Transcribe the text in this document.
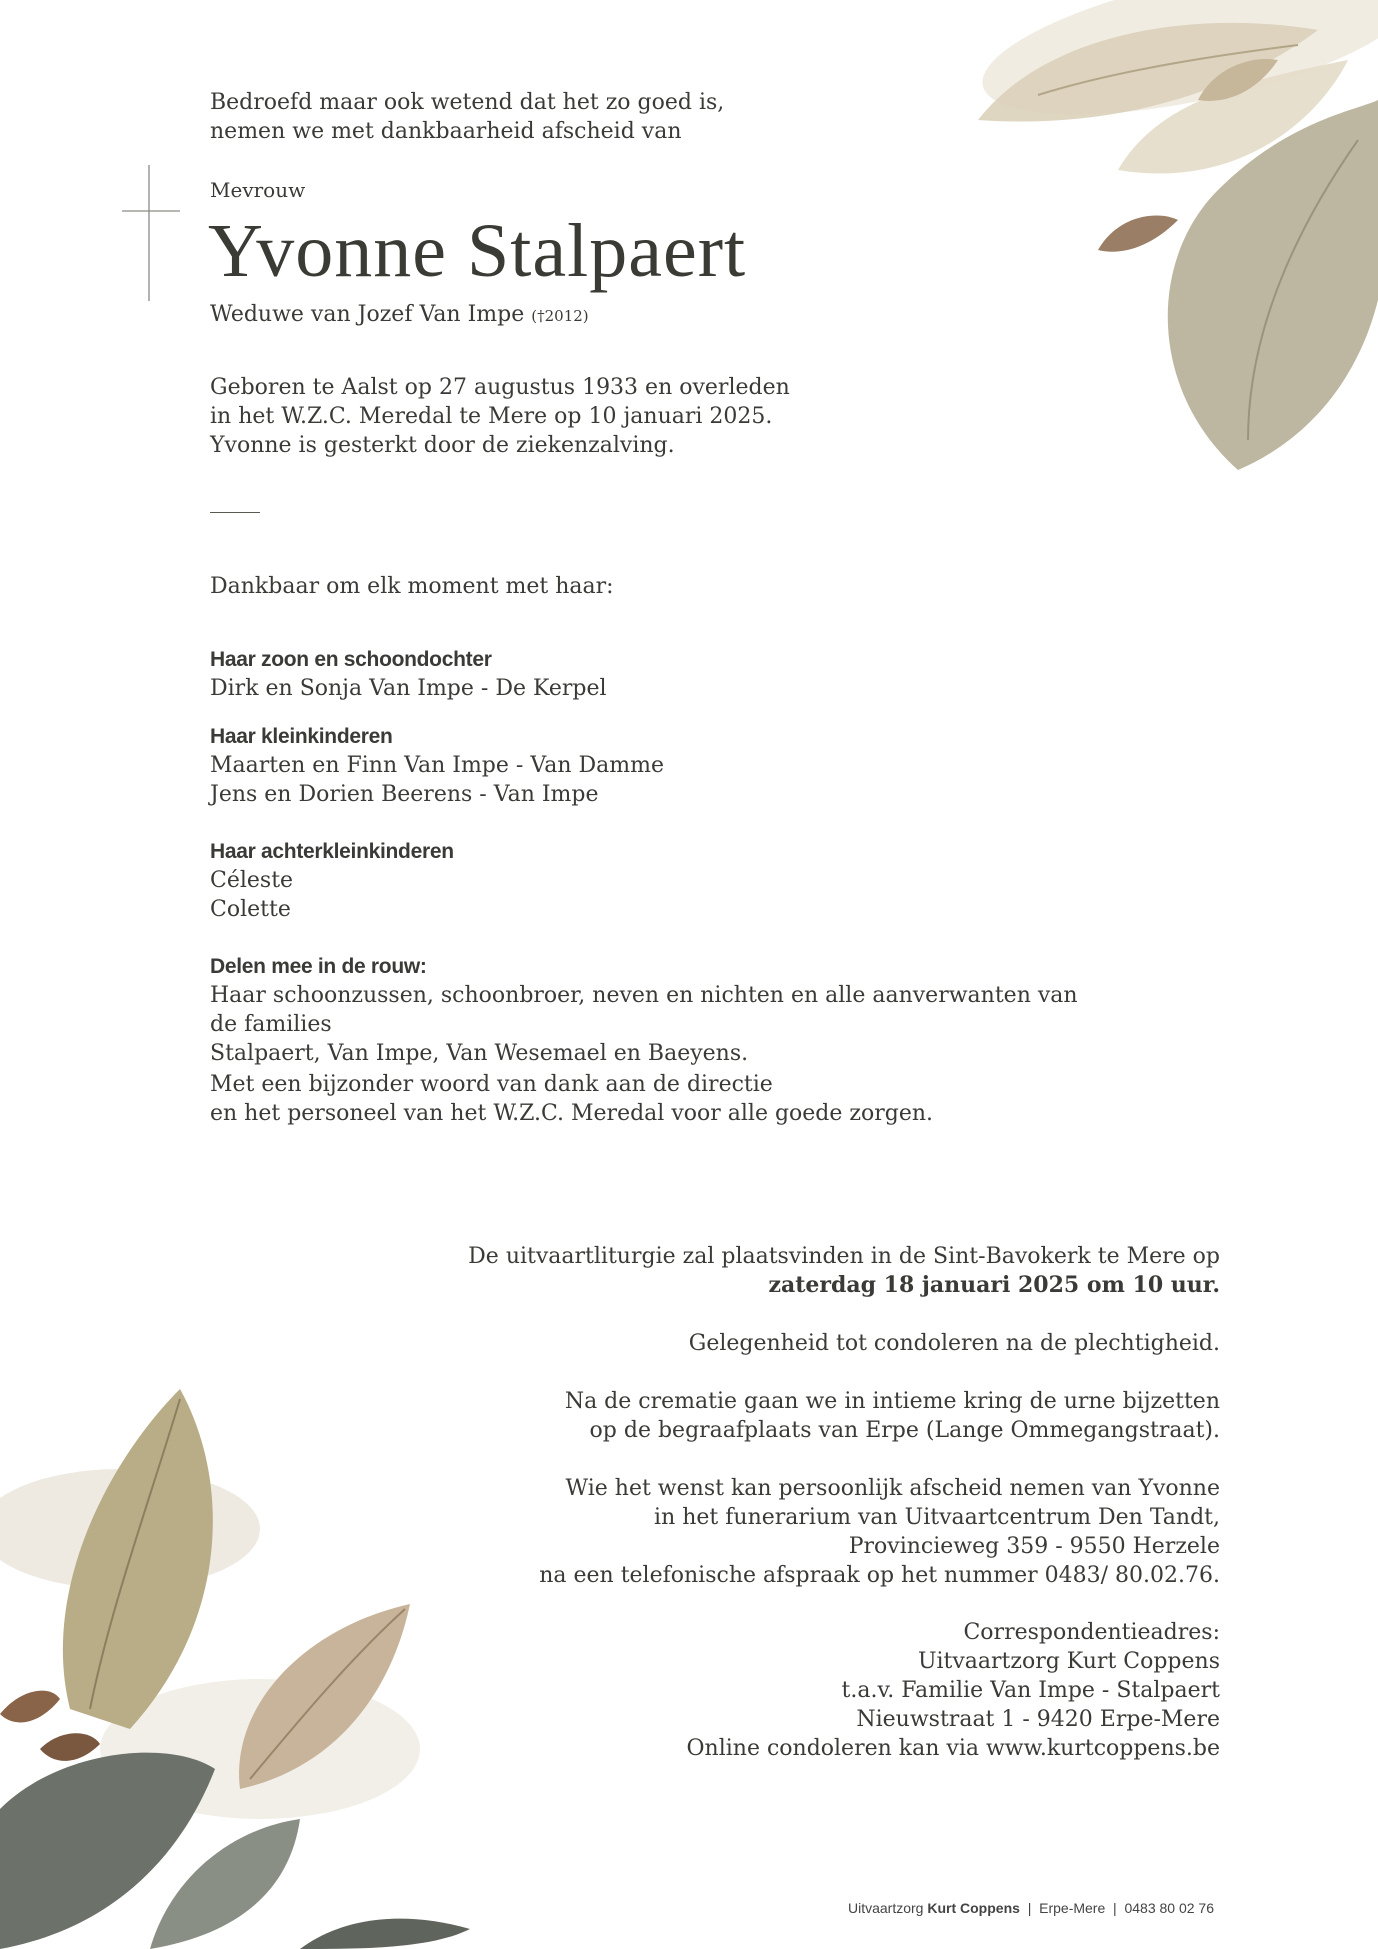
Bedroefd maar ook wetend dat het zo goed is,
nemen we met dankbaarheid afscheid van
Mevrouw
Yvonne Stalpaert
Weduwe van Jozef Van Impe (†2012)
Geboren te Aalst op 27 augustus 1933 en overleden
in het W.Z.C. Meredal te Mere op 10 januari 2025.
Yvonne is gesterkt door de ziekenzalving.
Dankbaar om elk moment met haar:
Haar zoon en schoondochter
Dirk en Sonja Van Impe - De Kerpel
Haar kleinkinderen
Maarten en Finn Van Impe - Van Damme
Jens en Dorien Beerens - Van Impe
Haar achterkleinkinderen
Céleste
Colette
Delen mee in de rouw:
Haar schoonzussen, schoonbroer, neven en nichten en alle aanverwanten van de families
Stalpaert, Van Impe, Van Wesemael en Baeyens.
Met een bijzonder woord van dank aan de directie
en het personeel van het W.Z.C. Meredal voor alle goede zorgen.
De uitvaartliturgie zal plaatsvinden in de Sint-Bavokerk te Mere op
zaterdag 18 januari 2025 om 10 uur.
Gelegenheid tot condoleren na de plechtigheid.
Na de crematie gaan we in intieme kring de urne bijzetten
op de begraafplaats van Erpe (Lange Ommegangstraat).
Wie het wenst kan persoonlijk afscheid nemen van Yvonne
in het funerarium van Uitvaartcentrum Den Tandt,
Provincieweg 359 - 9550 Herzele
na een telefonische afspraak op het nummer 0483/ 80.02.76.
Correspondentieadres:
Uitvaartzorg Kurt Coppens
t.a.v. Familie Van Impe - Stalpaert
Nieuwstraat 1 - 9420 Erpe-Mere
Online condoleren kan via www.kurtcoppens.be
Uitvaartzorg Kurt Coppens | Erpe-Mere | 0483 80 02 76
